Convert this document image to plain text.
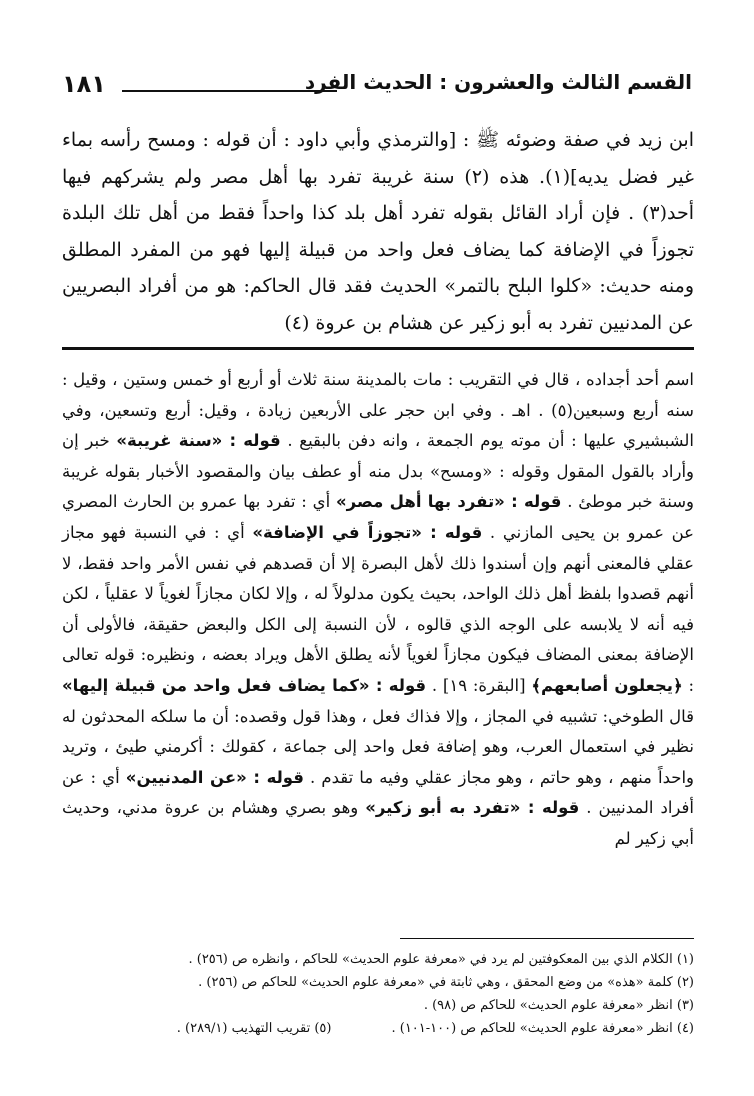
١٨١	القسم الثالث والعشرون : الحديث الفرد

ابن زيد في صفة وضوئه ﷺ : [والترمذي وأبي داود : أن قوله : ومسح رأسه بماء غير فضل يديه](١). هذه (٢) سنة غريبة تفرد بها أهل مصر ولم يشركهم فيها أحد(٣) . فإن أراد القائل بقوله تفرد أهل بلد كذا واحداً فقط من أهل تلك البلدة تجوزاً في الإضافة كما يضاف فعل واحد من قبيلة إليها فهو من المفرد المطلق ومنه حديث: «كلوا البلح بالتمر» الحديث فقد قال الحاكم: هو من أفراد البصريين عن المدنيين تفرد به أبو زكير عن هشام بن عروة (٤)

اسم أحد أجداده ، قال في التقريب : مات بالمدينة سنة ثلاث أو أربع أو خمس وستين ، وقيل : سنه أربع وسبعين(٥) . اهـ . وفي ابن حجر على الأربعين زيادة ، وقيل: أربع وتسعين، وفي الشبشيري عليها : أن موته يوم الجمعة ، وانه دفن بالبقيع . قوله : «سنة غريبة» خبر إن وأراد بالقول المقول وقوله : «ومسح» بدل منه أو عطف بيان والمقصود الأخبار بقوله غريبة وسنة خبر موطئ . قوله : «تفرد بها أهل مصر» أي : تفرد بها عمرو بن الحارث المصري عن عمرو بن يحيى المازني . قوله : «تجوزاً في الإضافة» أي : في النسبة فهو مجاز عقلي فالمعنى أنهم وإن أسندوا ذلك لأهل البصرة إلا أن قصدهم في نفس الأمر واحد فقط، لا أنهم قصدوا بلفظ أهل ذلك الواحد، بحيث يكون مدلولاً له ، وإلا لكان مجازاً لغوياً لا عقلياً ، لكن فيه أنه لا يلابسه على الوجه الذي قالوه ، لأن النسبة إلى الكل والبعض حقيقة، فالأولى أن الإضافة بمعنى المضاف فيكون مجازاً لغوياً لأنه يطلق الأهل ويراد بعضه ، ونظيره: قوله تعالى : ﴿يجعلون أصابعهم﴾ [البقرة: ١٩] . قوله : «كما يضاف فعل واحد من قبيلة إليها» قال الطوخي: تشبيه في المجاز ، وإلا فذاك فعل ، وهذا قول وقصده: أن ما سلكه المحدثون له نظير في استعمال العرب، وهو إضافة فعل واحد إلى جماعة ، كقولك : أكرمني طيئ ، وتريد واحداً منهم ، وهو حاتم ، وهو مجاز عقلي وفيه ما تقدم . قوله : «عن المدنيين» أي : عن أفراد المدنيين . قوله : «تفرد به أبو زكير» وهو بصري وهشام بن عروة مدني، وحديث أبي زكير لم

(١) الكلام الذي بين المعكوفتين لم يرد في «معرفة علوم الحديث» للحاكم ، وانظره ص (٢٥٦) .
(٢) كلمة «هذه» من وضع المحقق ، وهي ثابتة في «معرفة علوم الحديث» للحاكم ص (٢٥٦) .
(٣) انظر «معرفة علوم الحديث» للحاكم ص (٩٨) .
(٤) انظر «معرفة علوم الحديث» للحاكم ص (١٠٠-١٠١) .
(٥) تقريب التهذيب (٢٨٩/١) .
